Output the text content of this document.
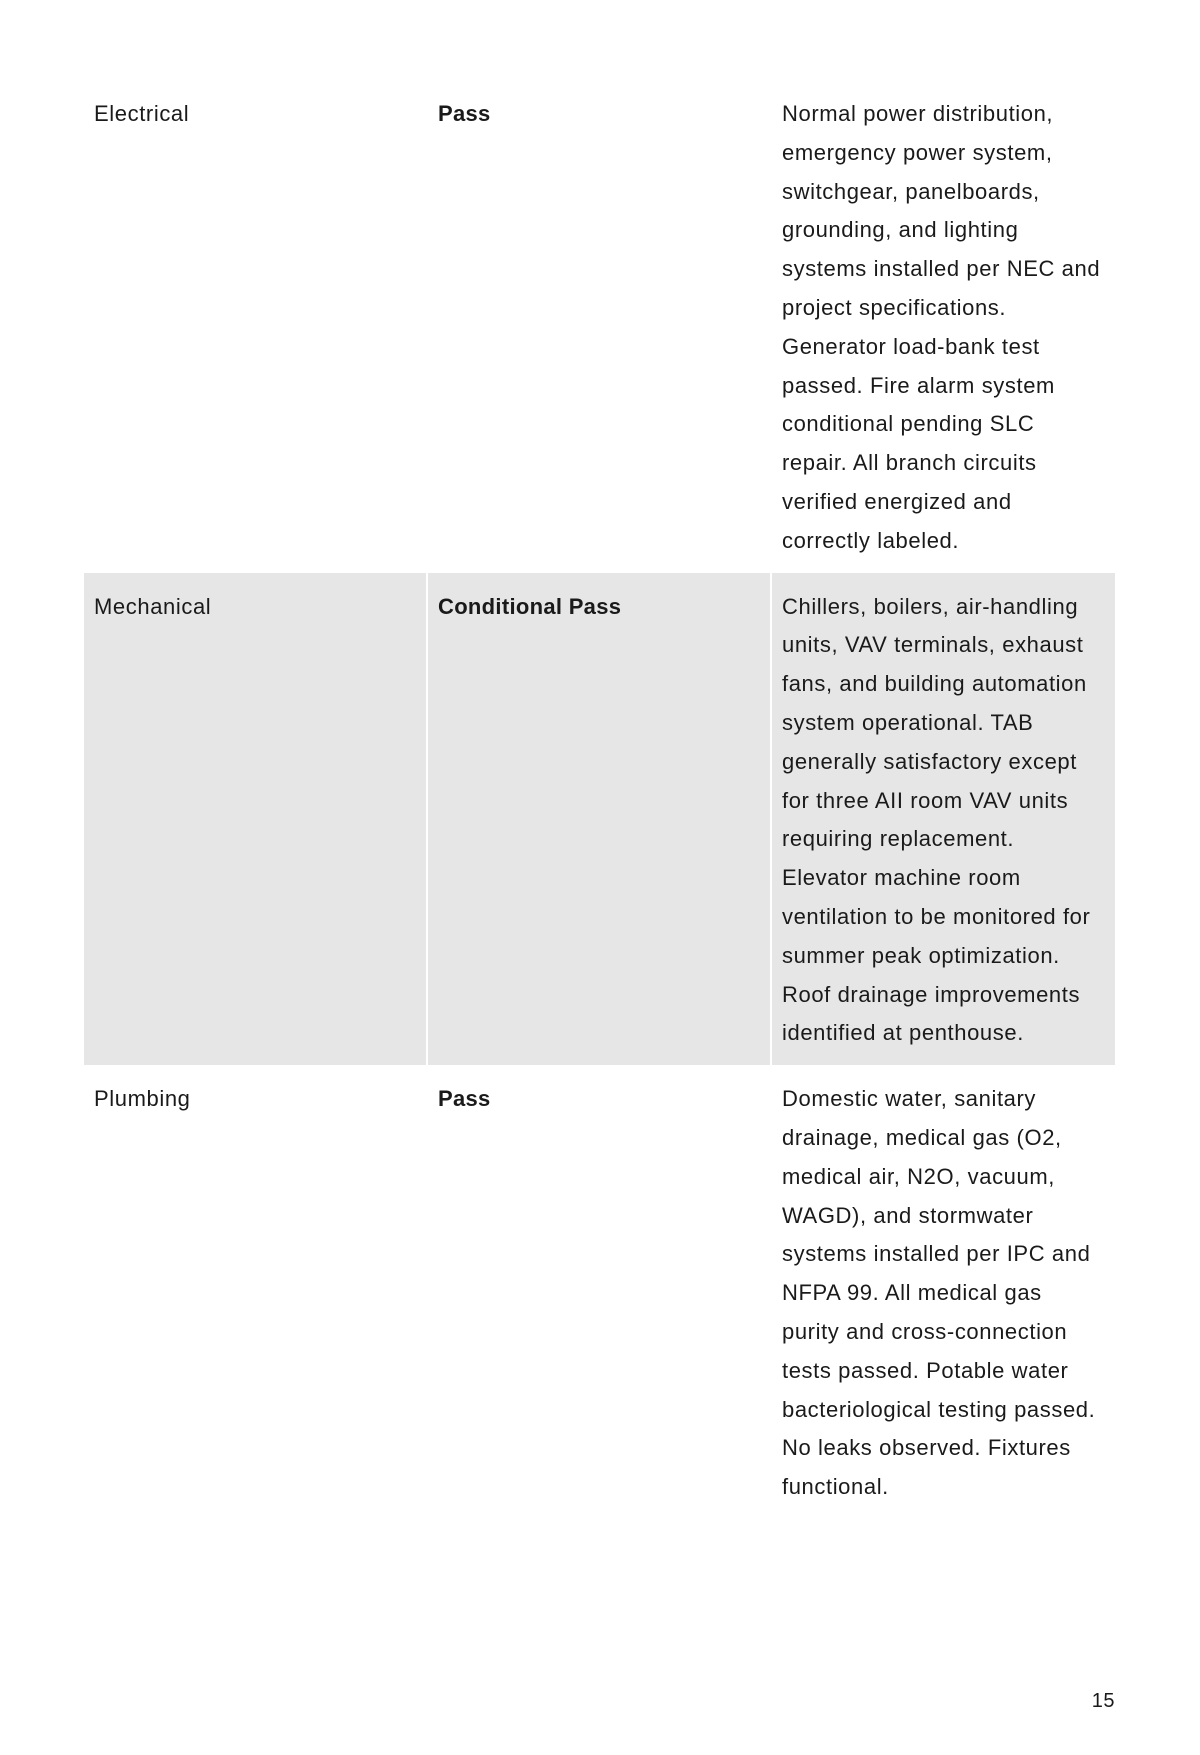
Electrical	Pass	Normal power distribution, emergency power system, switchgear, panelboards, grounding, and lighting systems installed per NEC and project specifications. Generator load-bank test passed. Fire alarm system conditional pending SLC repair. All branch circuits verified energized and correctly labeled.
Mechanical	Conditional Pass	Chillers, boilers, air-handling units, VAV terminals, exhaust fans, and building automation system operational. TAB generally satisfactory except for three AII room VAV units requiring replacement. Elevator machine room ventilation to be monitored for summer peak optimization. Roof drainage improvements identified at penthouse.
Plumbing	Pass	Domestic water, sanitary drainage, medical gas (O2, medical air, N2O, vacuum, WAGD), and stormwater systems installed per IPC and NFPA 99. All medical gas purity and cross-connection tests passed. Potable water bacteriological testing passed. No leaks observed. Fixtures functional.
15
